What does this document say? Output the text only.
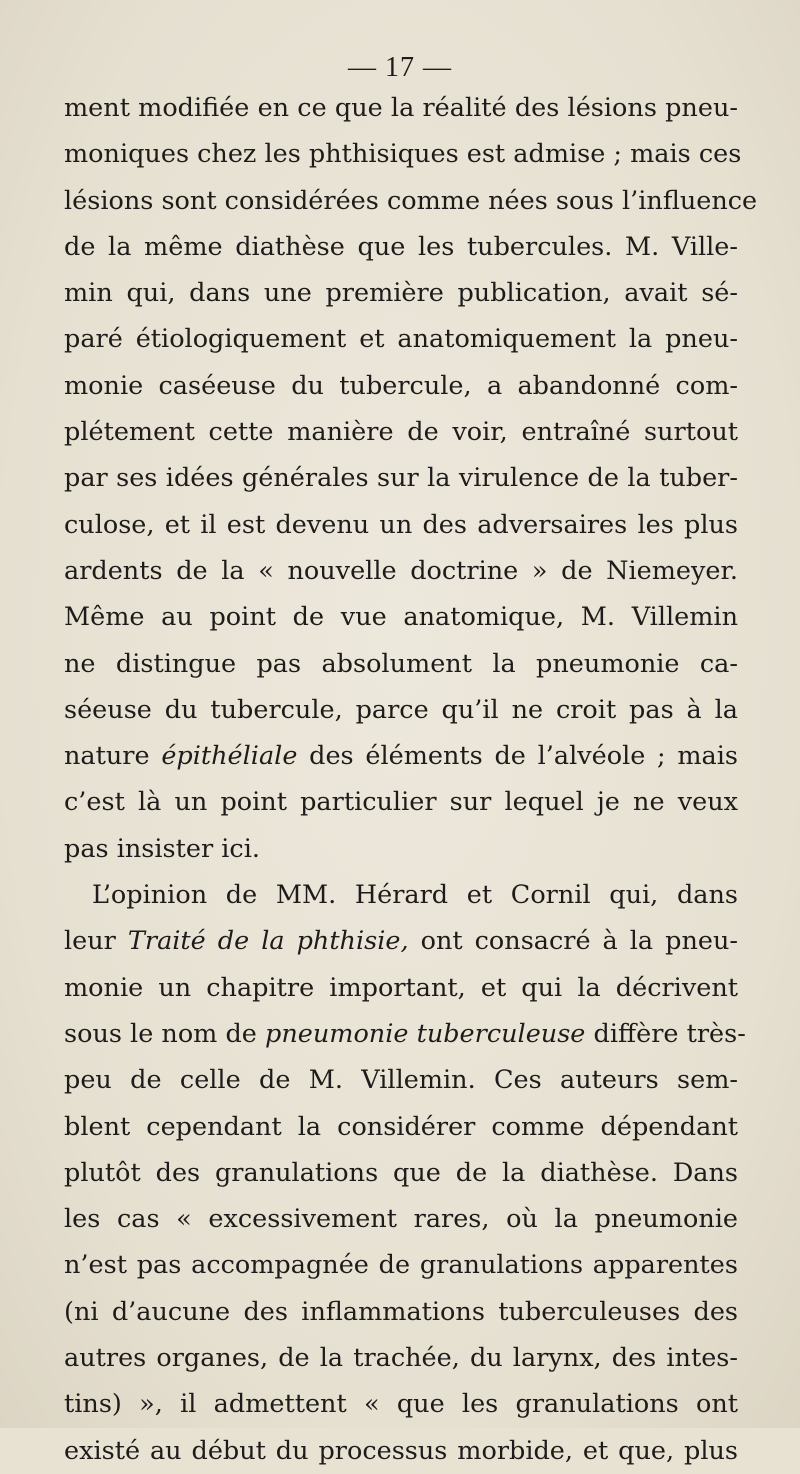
— 17 —
ment modifiée en ce que la réalité des lésions pneu-
moniques chez les phthisiques est admise ; mais ces
lésions sont considérées comme nées sous l’influence
de la même diathèse que les tubercules. M. Ville-
min qui, dans une première publication, avait sé-
paré étiologiquement et anatomiquement la pneu-
monie caséeuse du tubercule, a abandonné com-
plétement cette manière de voir, entraîné surtout
par ses idées générales sur la virulence de la tuber-
culose, et il est devenu un des adversaires les plus
ardents de la « nouvelle doctrine » de Niemeyer.
Même au point de vue anatomique, M. Villemin
ne distingue pas absolument la pneumonie ca-
séeuse du tubercule, parce qu’il ne croit pas à la
nature épithéliale des éléments de l’alvéole ; mais
c’est là un point particulier sur lequel je ne veux
pas insister ici.
L’opinion de MM. Hérard et Cornil qui, dans
leur Traité de la phthisie, ont consacré à la pneu-
monie un chapitre important, et qui la décrivent
sous le nom de pneumonie tuberculeuse diffère très-
peu de celle de M. Villemin. Ces auteurs sem-
blent cependant la considérer comme dépendant
plutôt des granulations que de la diathèse. Dans
les cas « excessivement rares, où la pneumonie
n’est pas accompagnée de granulations apparentes
(ni d’aucune des inflammations tuberculeuses des
autres organes, de la trachée, du larynx, des intes-
tins) », il admettent « que les granulations ont
existé au début du processus morbide, et que, plus
